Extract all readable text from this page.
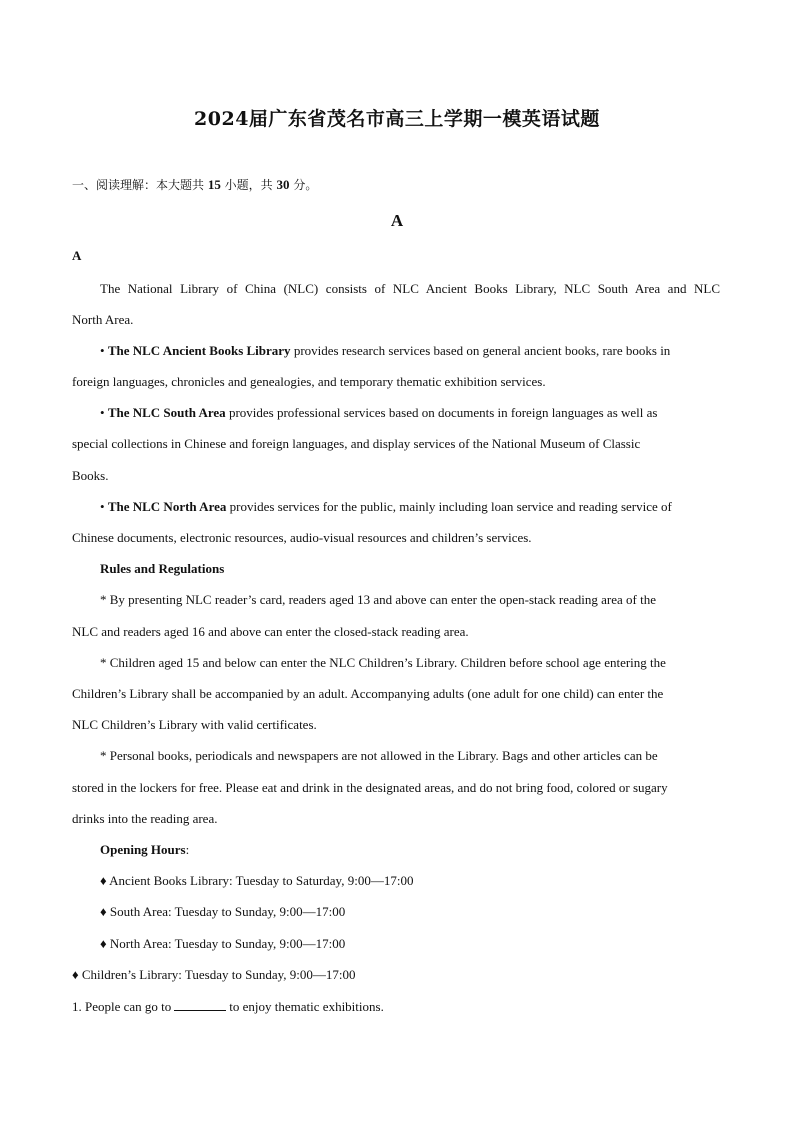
2024届广东省茂名市高三上学期一模英语试题
一、阅读理解：本大题共 15 小题，共 30 分。
A
A
The National Library of China (NLC) consists of NLC Ancient Books Library, NLC South Area and NLC
North Area.
• The NLC Ancient Books Library provides research services based on general ancient books, rare books in
foreign languages, chronicles and genealogies, and temporary thematic exhibition services.
• The NLC South Area provides professional services based on documents in foreign languages as well as
special collections in Chinese and foreign languages, and display services of the National Museum of Classic
Books.
• The NLC North Area provides services for the public, mainly including loan service and reading service of
Chinese documents, electronic resources, audio-visual resources and children’s services.
Rules and Regulations
* By presenting NLC reader’s card, readers aged 13 and above can enter the open-stack reading area of the
NLC and readers aged 16 and above can enter the closed-stack reading area.
* Children aged 15 and below can enter the NLC Children’s Library. Children before school age entering the
Children’s Library shall be accompanied by an adult. Accompanying adults (one adult for one child) can enter the
NLC Children’s Library with valid certificates.
* Personal books, periodicals and newspapers are not allowed in the Library. Bags and other articles can be
stored in the lockers for free. Please eat and drink in the designated areas, and do not bring food, colored or sugary
drinks into the reading area.
Opening Hours:
♦ Ancient Books Library: Tuesday to Saturday, 9:00—17:00
♦ South Area: Tuesday to Sunday, 9:00—17:00
♦ North Area: Tuesday to Sunday, 9:00—17:00
♦ Children’s Library: Tuesday to Sunday, 9:00—17:00
1. People can go to	to enjoy thematic exhibitions.
